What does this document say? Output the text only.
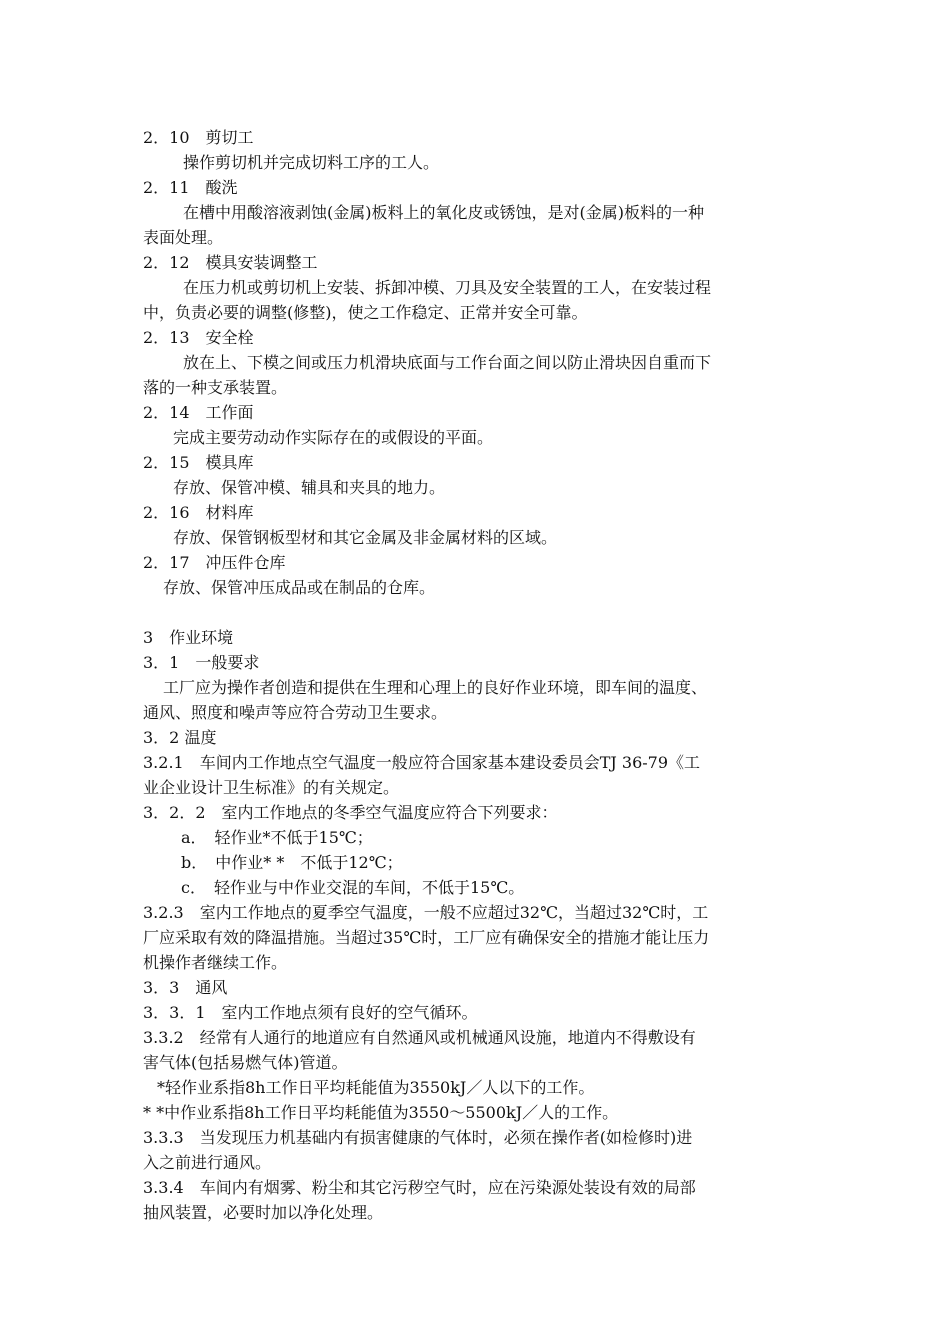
2．10　剪切工
操作剪切机并完成切料工序的工人。
2．11　酸洗
在槽中用酸溶液剥蚀(金属)板料上的氧化皮或锈蚀，是对(金属)板料的一种
表面处理。
2．12　模具安装调整工
在压力机或剪切机上安装、拆卸冲模、刀具及安全装置的工人，在安装过程
中，负责必要的调整(修整)，使之工作稳定、正常并安全可靠。
2．13　安全栓
放在上、下模之间或压力机滑块底面与工作台面之间以防止滑块因自重而下
落的一种支承装置。
2．14　工作面
完成主要劳动动作实际存在的或假设的平面。
2．15　模具库
存放、保管冲模、辅具和夹具的地力。
2．16　材料库
存放、保管钢板型材和其它金属及非金属材料的区域。
2．17　冲压件仓库
存放、保管冲压成品或在制品的仓库。
3　作业环境
3．1　一般要求
工厂应为操作者创造和提供在生理和心理上的良好作业环境，即车间的温度、
通风、照度和噪声等应符合劳动卫生要求。
3．2 温度
3.2.1　车间内工作地点空气温度一般应符合国家基本建设委员会TJ 36-79《工
业企业设计卫生标准》的有关规定。
3．2．2　室内工作地点的冬季空气温度应符合下列要求：
a．　轻作业*不低于15℃；
b．　中作业* *　不低于12℃；
c．　轻作业与中作业交混的车间，不低于15℃。
3.2.3　室内工作地点的夏季空气温度，一般不应超过32℃，当超过32℃时，工
厂应采取有效的降温措施。当超过35℃时，工厂应有确保安全的措施才能让压力
机操作者继续工作。
3．3　通风
3．3．1　室内工作地点须有良好的空气循环。
3.3.2　经常有人通行的地道应有自然通风或机械通风设施，地道内不得敷设有
害气体(包括易燃气体)管道。
*轻作业系指8h工作日平均耗能值为3550kJ／人以下的工作。
* *中作业系指8h工作日平均耗能值为3550～5500kJ／人的工作。
3.3.3　当发现压力机基础内有损害健康的气体时，必须在操作者(如检修时)进
入之前进行通风。
3.3.4　车间内有烟雾、粉尘和其它污秽空气时，应在污染源处装设有效的局部
抽风装置，必要时加以净化处理。
